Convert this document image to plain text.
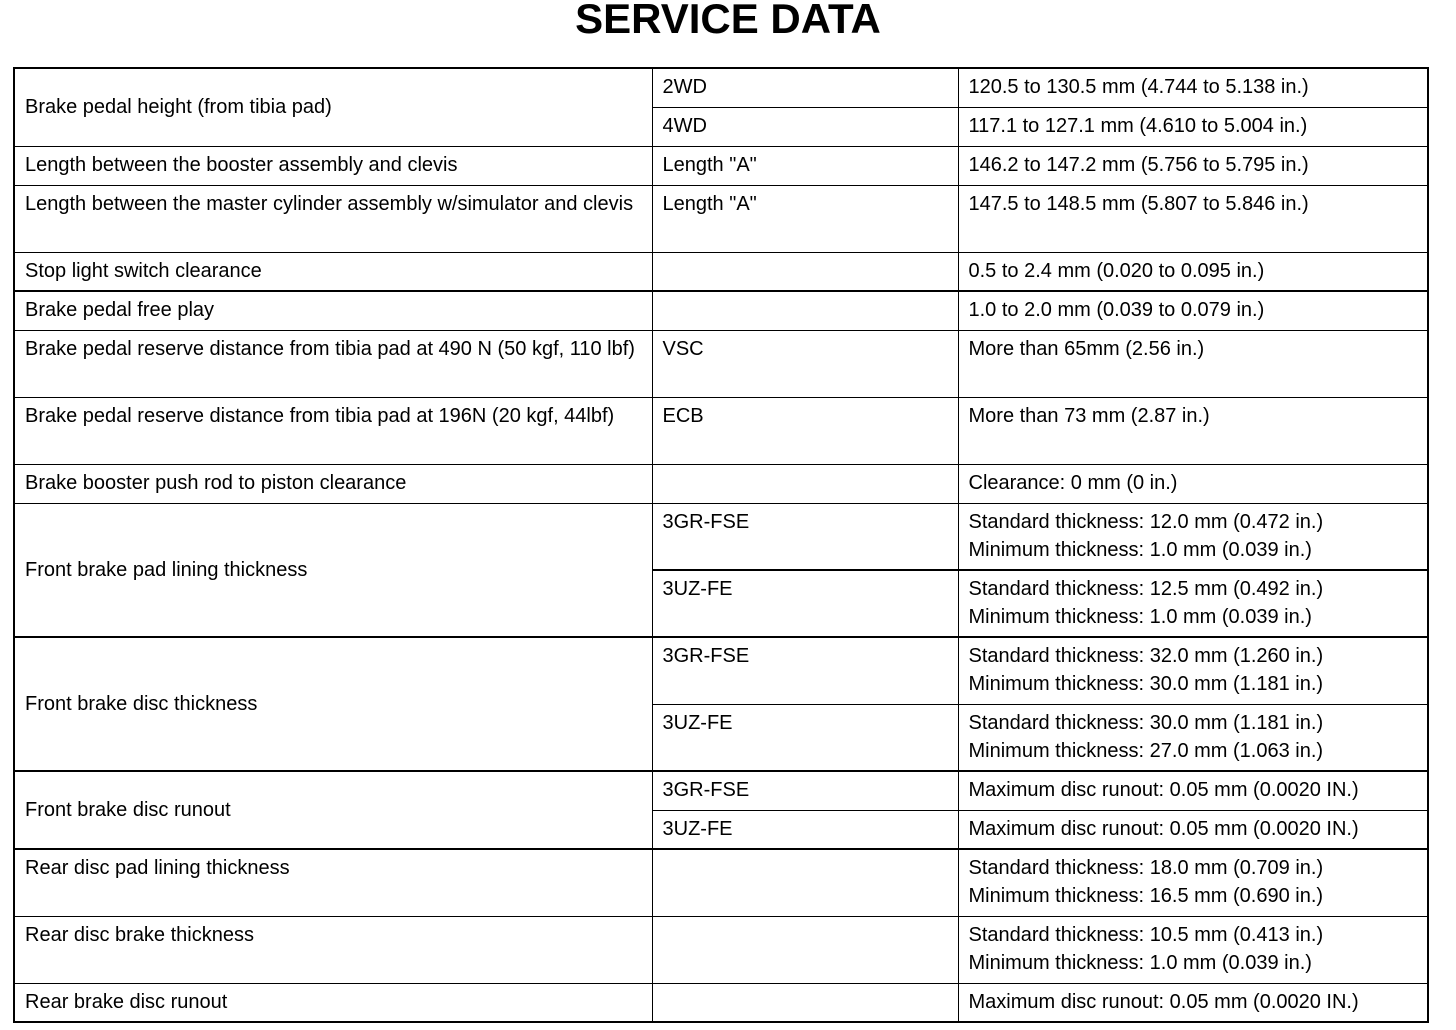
SERVICE DATA
Brake pedal height (from tibia pad)	2WD	120.5 to 130.5 mm (4.744 to 5.138 in.)

	4WD	117.1 to 127.1 mm (4.610 to 5.004 in.)

Length between the booster assembly and clevis	Length "A"	146.2 to 147.2 mm (5.756 to 5.795 in.)

Length between the master cylinder assembly w/simulator and clevis	Length "A"	147.5 to 148.5 mm (5.807 to 5.846 in.)

Stop light switch clearance		0.5 to 2.4 mm (0.020 to 0.095 in.)

Brake pedal free play		1.0 to 2.0 mm (0.039 to 0.079 in.)

Brake pedal reserve distance from tibia pad at 490 N (50 kgf, 110 lbf)	VSC	More than 65mm (2.56 in.)

Brake pedal reserve distance from tibia pad at 196N (20 kgf, 44lbf)	ECB	More than 73 mm (2.87 in.)

Brake booster push rod to piston clearance		Clearance: 0 mm (0 in.)

Front brake pad lining thickness	3GR-FSE	Standard thickness: 12.0 mm (0.472 in.)
Minimum thickness: 1.0 mm (0.039 in.)

	3UZ-FE	Standard thickness: 12.5 mm (0.492 in.)
Minimum thickness: 1.0 mm (0.039 in.)

Front brake disc thickness	3GR-FSE	Standard thickness: 32.0 mm (1.260 in.)
Minimum thickness: 30.0 mm (1.181 in.)

	3UZ-FE	Standard thickness: 30.0 mm (1.181 in.)
Minimum thickness: 27.0 mm (1.063 in.)

Front brake disc runout	3GR-FSE	Maximum disc runout: 0.05 mm (0.0020 IN.)

	3UZ-FE	Maximum disc runout: 0.05 mm (0.0020 IN.)

Rear disc pad lining thickness		Standard thickness: 18.0 mm (0.709 in.)
Minimum thickness: 16.5 mm (0.690 in.)

Rear disc brake thickness		Standard thickness: 10.5 mm (0.413 in.)
Minimum thickness: 1.0 mm (0.039 in.)

Rear brake disc runout		Maximum disc runout: 0.05 mm (0.0020 IN.)
